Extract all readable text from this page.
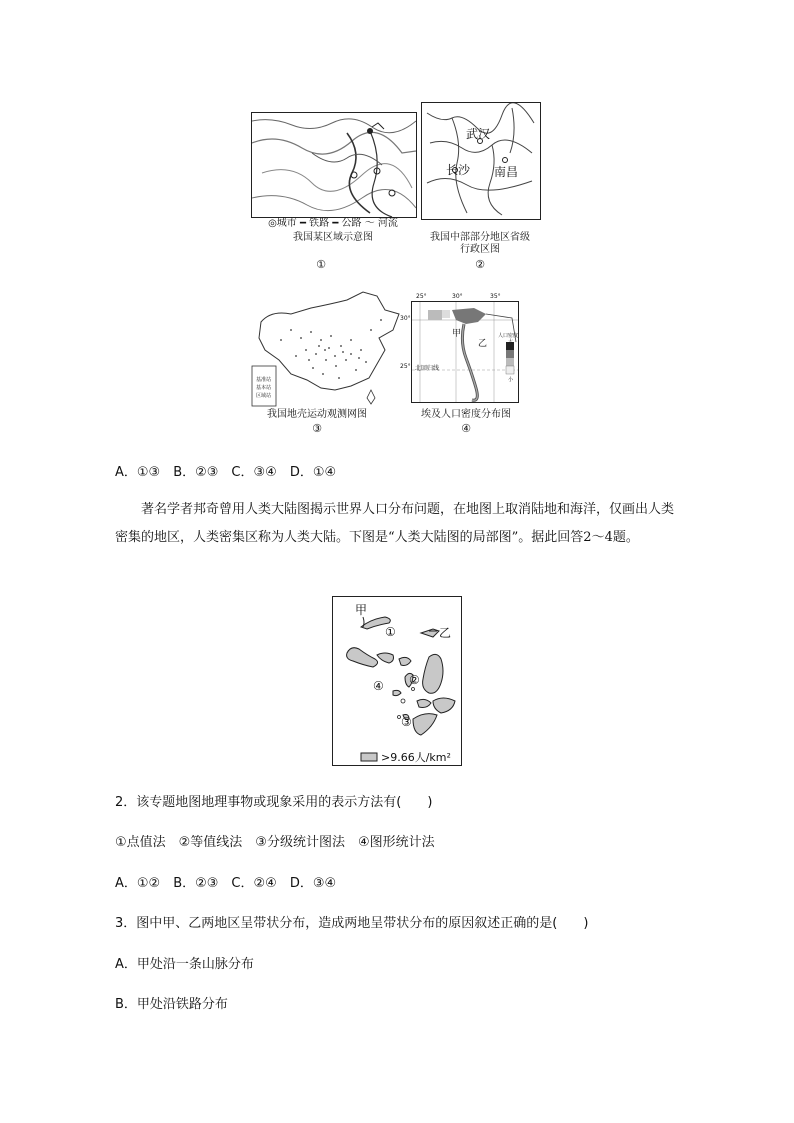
◎城市 ━ 铁路 ━ 公路 〜 河流
我国某区域示意图
①
武汉
长沙 南昌
我国中部部分地区省级
行政区图
②
基准站
基本站
区域站
我国地壳运动观测网图
③
25°	30°	35°
甲
乙
北回归线
人口密度
大
小
30°
25°
埃及人口密度分布图
④
A．①③　B．②③　C．③④　D．①④
著名学者邦奇曾用人类大陆图揭示世界人口分布问题，在地图上取消陆地和海洋，仅画出人类密集的地区，人类密集区称为人类大陆。下图是“人类大陆图的局部图”。据此回答2～4题。
甲
乙
①
②
④
③
>9.66人/km²
2．该专题地图地理事物或现象采用的表示方法有(　　)
①点值法　②等值线法　③分级统计图法　④图形统计法
A．①②　B．②③　C．②④　D．③④
3．图中甲、乙两地区呈带状分布，造成两地呈带状分布的原因叙述正确的是(　　)
A．甲处沿一条山脉分布
B．甲处沿铁路分布
